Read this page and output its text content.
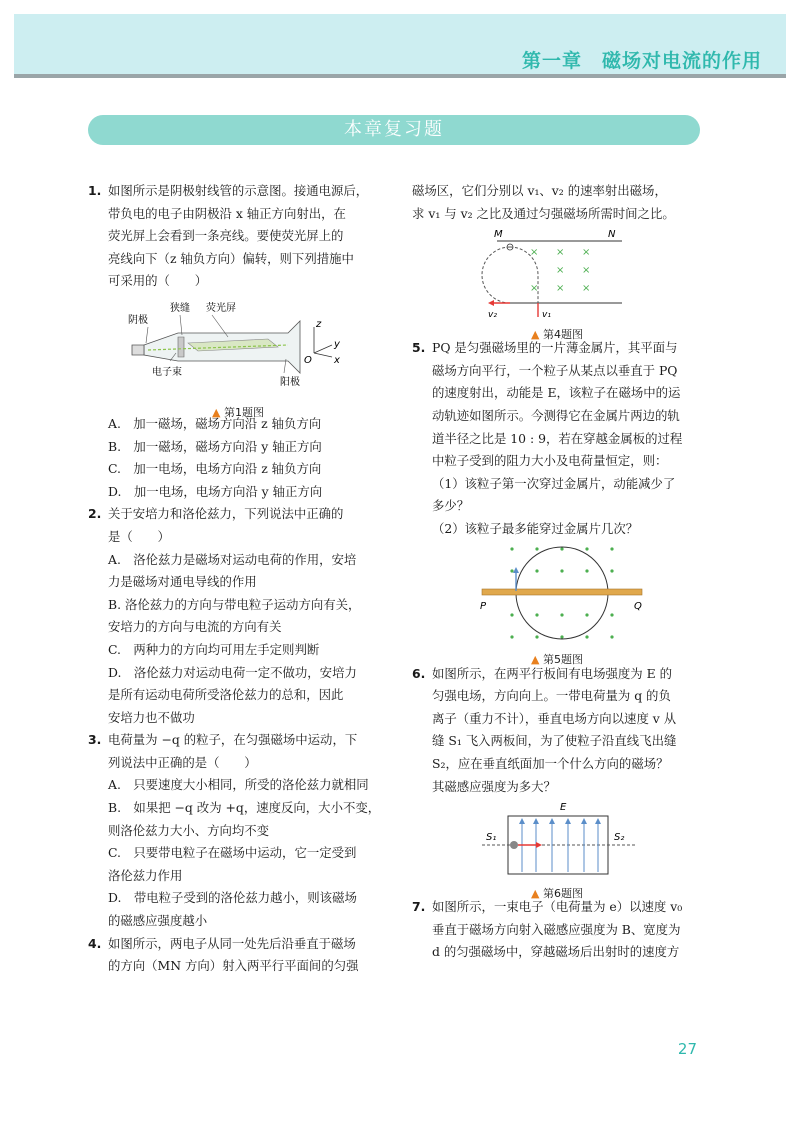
第一章　磁场对电流的作用
本章复习题
1. 如图所示是阴极射线管的示意图。接通电源后，
带负电的电子由阴极沿 x 轴正方向射出，在
荧光屏上会看到一条亮线。要使荧光屏上的
亮线向下（z 轴负方向）偏转，则下列措施中
可采用的（　　）
狭缝 荧光屏
阴极
电子束
阳极
z
y
x
O
▲ 第1题图
A.　加一磁场，磁场方向沿 z 轴负方向
B.　加一磁场，磁场方向沿 y 轴正方向
C.　加一电场，电场方向沿 z 轴负方向
D.　加一电场，电场方向沿 y 轴正方向
2. 关于安培力和洛伦兹力，下列说法中正确的
是（　　）
A.　洛伦兹力是磁场对运动电荷的作用，安培
力是磁场对通电导线的作用
B. 洛伦兹力的方向与带电粒子运动方向有关，
安培力的方向与电流的方向有关
C.　两种力的方向均可用左手定则判断
D.　洛伦兹力对运动电荷一定不做功，安培力
是所有运动电荷所受洛伦兹力的总和，因此
安培力也不做功
3. 电荷量为 −q 的粒子，在匀强磁场中运动，下
列说法中正确的是（　　）
A.　只要速度大小相同，所受的洛伦兹力就相同
B.　如果把 −q 改为 +q，速度反向，大小不变，
则洛伦兹力大小、方向均不变
C.　只要带电粒子在磁场中运动，它一定受到
洛伦兹力作用
D.　带电粒子受到的洛伦兹力越小，则该磁场
的磁感应强度越小
4. 如图所示，两电子从同一处先后沿垂直于磁场
的方向（MN 方向）射入两平行平面间的匀强
磁场区，它们分别以 v₁、v₂ 的速率射出磁场，
求 v₁ 与 v₂ 之比及通过匀强磁场所需时间之比。
M	N
× × ×
× ×
× × ×
v₂	v₁
▲ 第4题图
5. PQ 是匀强磁场里的一片薄金属片，其平面与
磁场方向平行，一个粒子从某点以垂直于 PQ
的速度射出，动能是 E，该粒子在磁场中的运
动轨迹如图所示。今测得它在金属片两边的轨
道半径之比是 10 : 9，若在穿越金属板的过程
中粒子受到的阻力大小及电荷量恒定，则：
（1）该粒子第一次穿过金属片，动能减少了
多少？
（2）该粒子最多能穿过金属片几次？
P	Q
▲ 第5题图
6. 如图所示，在两平行板间有电场强度为 E 的
匀强电场，方向向上。一带电荷量为 q 的负
离子（重力不计），垂直电场方向以速度 v 从
缝 S₁ 飞入两板间，为了使粒子沿直线飞出缝
S₂，应在垂直纸面加一个什么方向的磁场？
其磁感应强度为多大？
E
S₁	S₂
▲ 第6题图
7. 如图所示，一束电子（电荷量为 e）以速度 v₀
垂直于磁场方向射入磁感应强度为 B、宽度为
d 的匀强磁场中，穿越磁场后出射时的速度方
27
